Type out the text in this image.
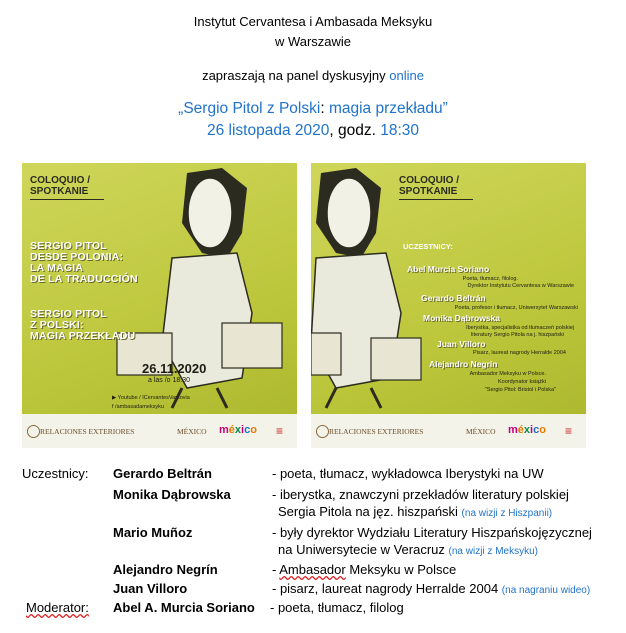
Instytut Cervantesa i Ambasada Meksyku
w Warszawie
zapraszają na panel dyskusyjny online
„Sergio Pitol z Polski: magia przekładu”
26 listopada 2020, godz. 18:30
COLOQUIO /
SPOTKANIE
SERGIO PITOL
DESDE POLONIA:
LA MAGIA
DE LA TRADUCCIÓN
SERGIO PITOL
Z POLSKI:
MAGIA PRZEKŁADU
26.11.2020
a las /o 18:30
▶ Youtube / ICervantesVarsovia
f /ambasadameksyku
RELACIONES EXTERIORES	MÉXICO méxico ≡
COLOQUIO /
SPOTKANIE
UCZESTNICY:
Abel Murcia Soriano
Poeta, tłumacz, filolog.
Dyrektor Instytutu Cervantesa w Warszawie
Gerardo Beltrán
Poeta, profesor i tłumacz, Uniwersytet Warszawski
Monika Dąbrowska
Iberystka, specjalistka od tłumaczeń polskiej
literatury Sergio Pitola na j. hiszpański
Juan Villoro
Pisarz, laureat nagrody Herralde 2004
Alejandro Negrín
Ambasador Meksyku w Polsce.
Koordynator książki
"Sergio Pitol: Bristol i Polska"
RELACIONES EXTERIORES	MÉXICO méxico ≡
Uczestnicy: Gerardo Beltrán	- poeta, tłumacz, wykładowca Iberystyki na UW
Monika Dąbrowska	- iberystka, znawczyni przekładów literatury polskiej
Sergia Pitola na jęz. hiszpański (na wizji z Hiszpanii)
Mario Muñoz	- były dyrektor Wydziału Literatury Hiszpańskojęzycznej
na Uniwersytecie w Veracruz (na wizji z Meksyku)
Alejandro Negrín	- Ambasador Meksyku w Polsce
Juan Villoro	- pisarz, laureat nagrody Herralde 2004 (na nagraniu wideo)
Moderator: Abel A. Murcia Soriano - poeta, tłumacz, filolog
